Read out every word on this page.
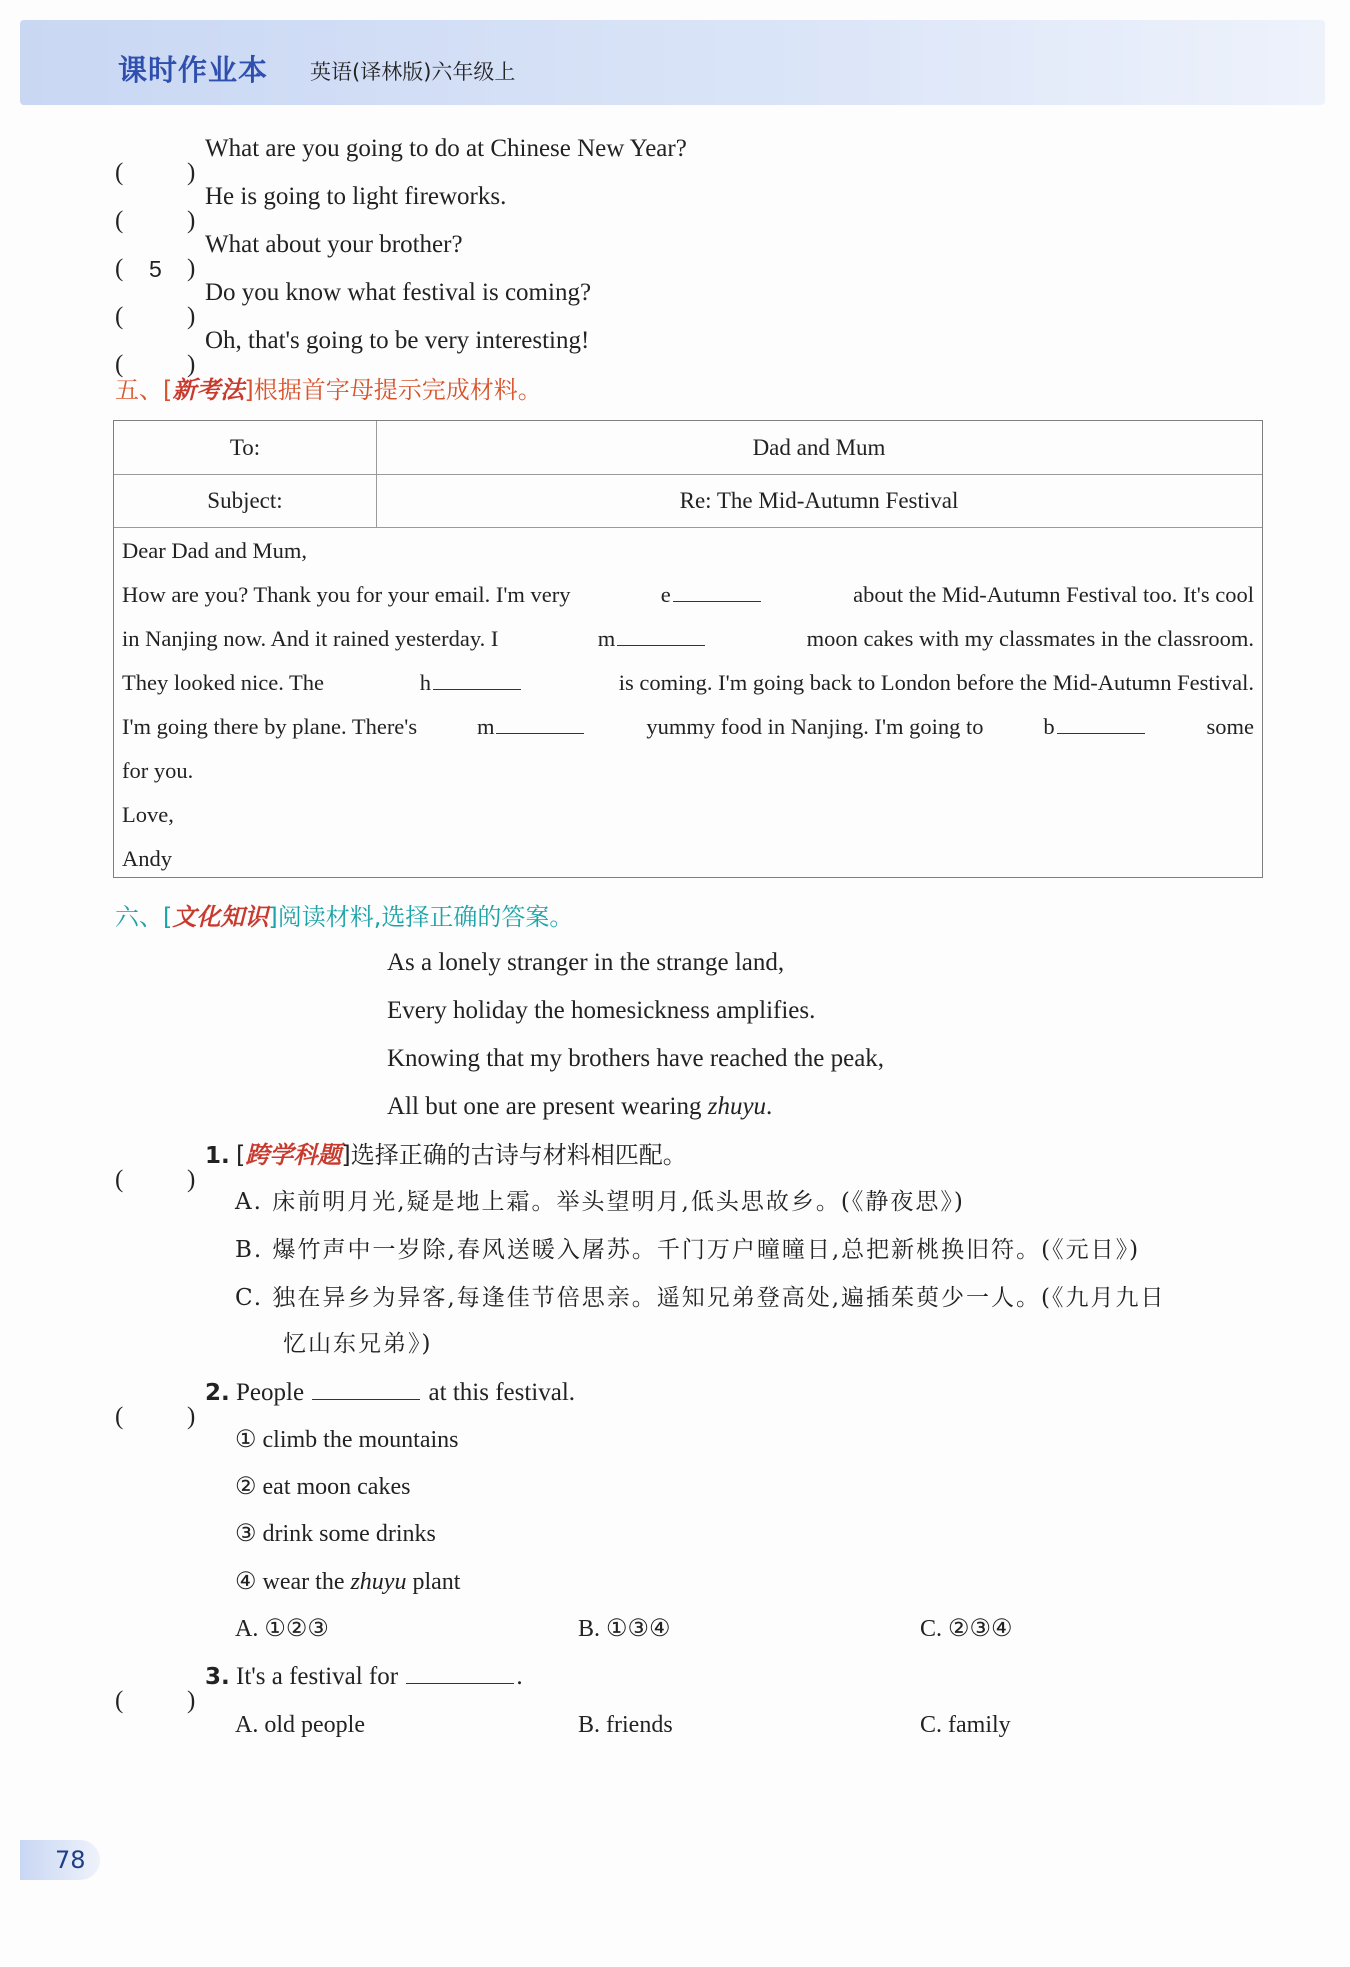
课时作业本 英语(译林版)六年级上
(	)
What are you going to do at Chinese New Year?
(	)
He is going to light fireworks.
( 5 )
What about your brother?
(	)
Do you know what festival is coming?
(	)
Oh, that's going to be very interesting!
五、[新考法]根据首字母提示完成材料。
To:	Dad and Mum
Subject:	Re: The Mid-Autumn Festival
Dear Dad and Mum,
How are you? Thank you for your email. I'm very	e	about the Mid-Autumn Festival too. It's cool
in Nanjing now. And it rained yesterday. I	m	moon cakes with my classmates in the classroom.
They looked nice. The	h	is coming. I'm going back to London before the Mid-Autumn Festival.
I'm going there by plane. There's	m	yummy food in Nanjing. I'm going to	b	some
for you.
Love,
Andy
六、[文化知识]阅读材料,选择正确的答案。
As a lonely stranger in the strange land,
Every holiday the homesickness amplifies.
Knowing that my brothers have reached the peak,
All but one are present wearing zhuyu.
(	)
1. [跨学科题]选择正确的古诗与材料相匹配。
A. 床前明月光,疑是地上霜。举头望明月,低头思故乡。(《静夜思》)
B. 爆竹声中一岁除,春风送暖入屠苏。千门万户曈曈日,总把新桃换旧符。(《元日》)
C. 独在异乡为异客,每逢佳节倍思亲。遥知兄弟登高处,遍插茱萸少一人。(《九月九日
忆山东兄弟》)
(	)
2. People	at this festival.
① climb the mountains
② eat moon cakes
③ drink some drinks
④ wear the zhuyu plant
A. ①②③	B. ①③④	C. ②③④
(	)
3. It's a festival for	.
A. old people	B. friends	C. family
78
